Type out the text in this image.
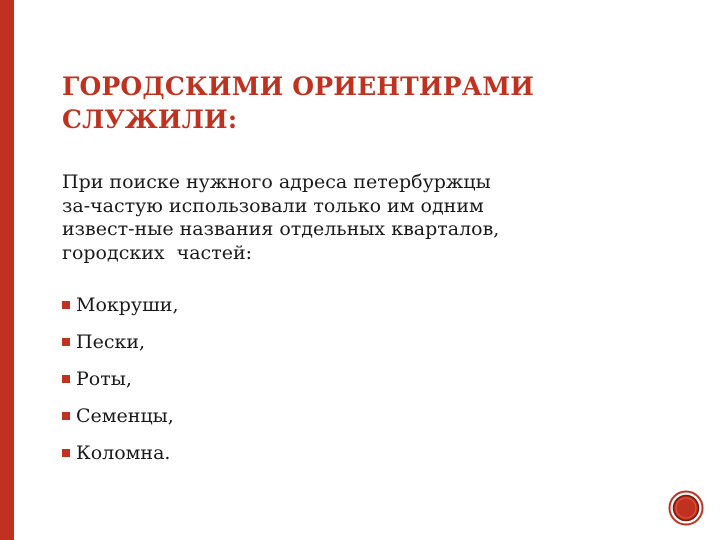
ГОРОДСКИМИ ОРИЕНТИРАМИ
СЛУЖИЛИ:

При поиске нужного адреса петербуржцы
за-частую использовали только им одним
извест-ные названия отдельных кварталов,
городских  частей:

Мокруши,
Пески,
Роты,
Семенцы,
Коломна.
